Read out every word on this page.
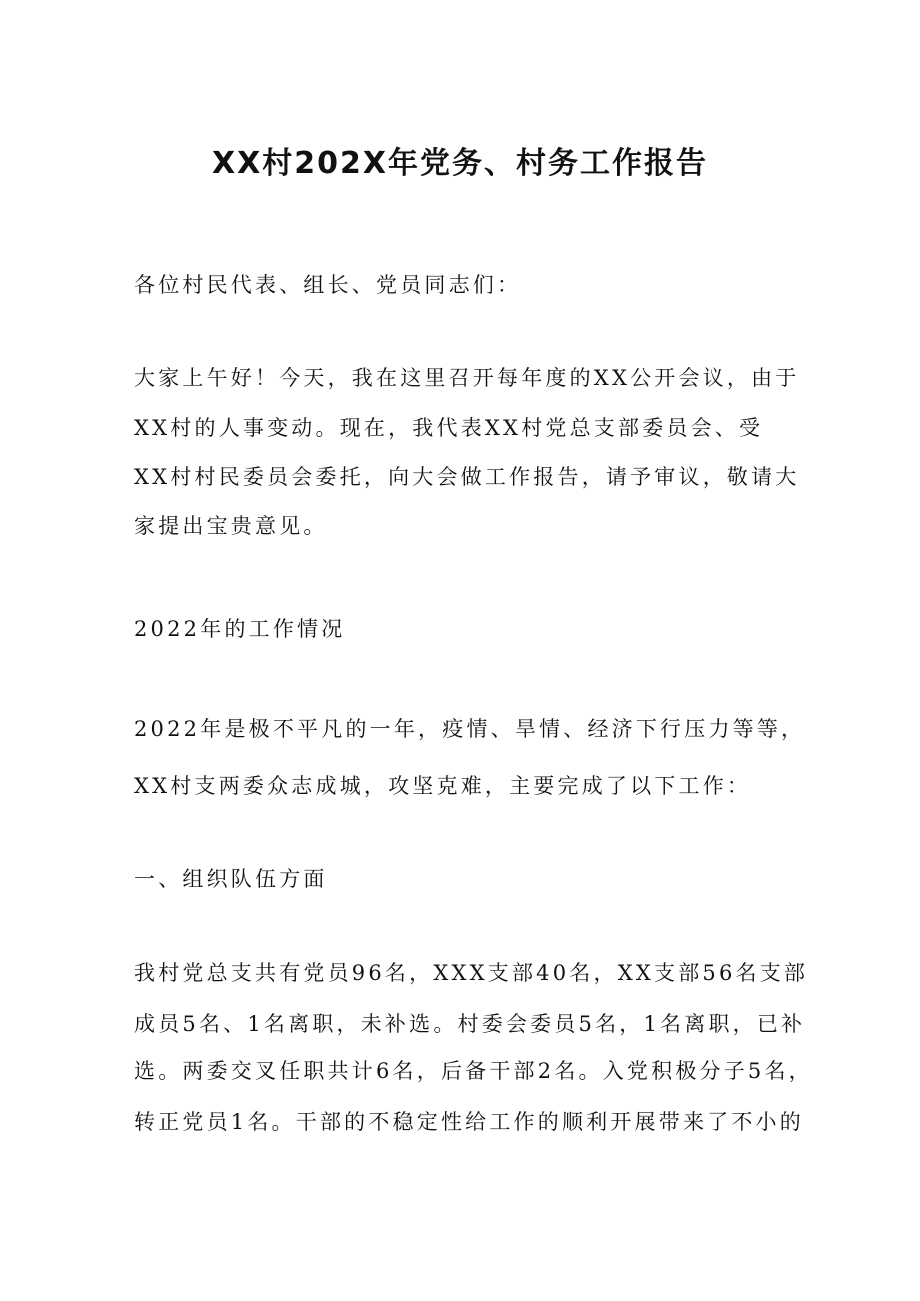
XX村202X年党务、村务工作报告
各位村民代表、组长、党员同志们：
大家上午好！今天，我在这里召开每年度的XX公开会议，由于
XX村的人事变动。现在，我代表XX村党总支部委员会、受
XX村村民委员会委托，向大会做工作报告，请予审议，敬请大
家提出宝贵意见。
2022年的工作情况
2022年是极不平凡的一年，疫情、旱情、经济下行压力等等，
XX村支两委众志成城，攻坚克难，主要完成了以下工作：
一、组织队伍方面
我村党总支共有党员96名，XXX支部40名，XX支部56名支部
成员5名、1名离职，未补选。村委会委员5名，1名离职，已补
选。两委交叉任职共计6名，后备干部2名。入党积极分子5名，
转正党员1名。干部的不稳定性给工作的顺利开展带来了不小的
